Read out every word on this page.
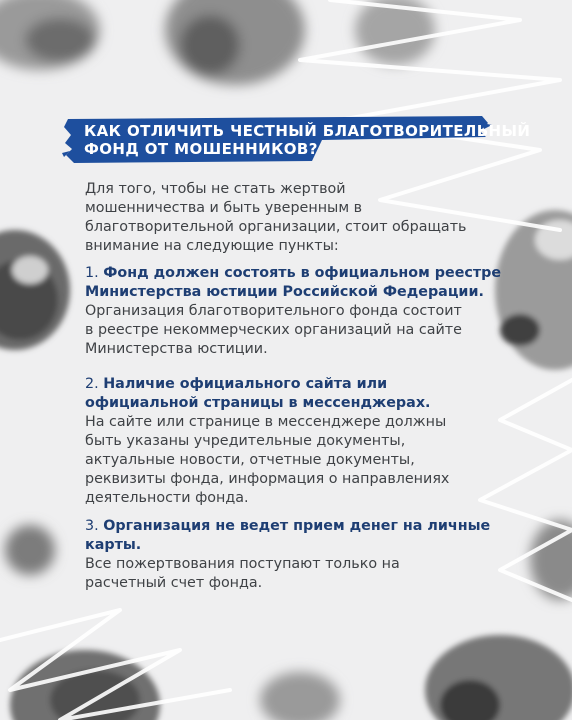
КАК ОТЛИЧИТЬ ЧЕСТНЫЙ БЛАГОТВОРИТЕЛЬНЫЙ
ФОНД ОТ МОШЕННИКОВ?

Для того, чтобы не стать жертвой

мошенничества и быть уверенным в

благотворительной организации, стоит обращать

внимание на следующие пункты:

1. Фонд должен состоять в официальном реестре
Министерства юстиции Российской Федерации.
Организация благотворительного фонда состоит
в реестре некоммерческих организаций на сайте
Министерства юстиции.
2. Наличие официального сайта или
официальной страницы в мессенджерах.
На сайте или странице в мессенджере должны
быть указаны учредительные документы,
актуальные новости, отчетные документы,
реквизиты фонда, информация о направлениях
деятельности фонда.
3. Организация не ведет прием денег на личные
карты.
Все пожертвования поступают только на
расчетный счет фонда.
